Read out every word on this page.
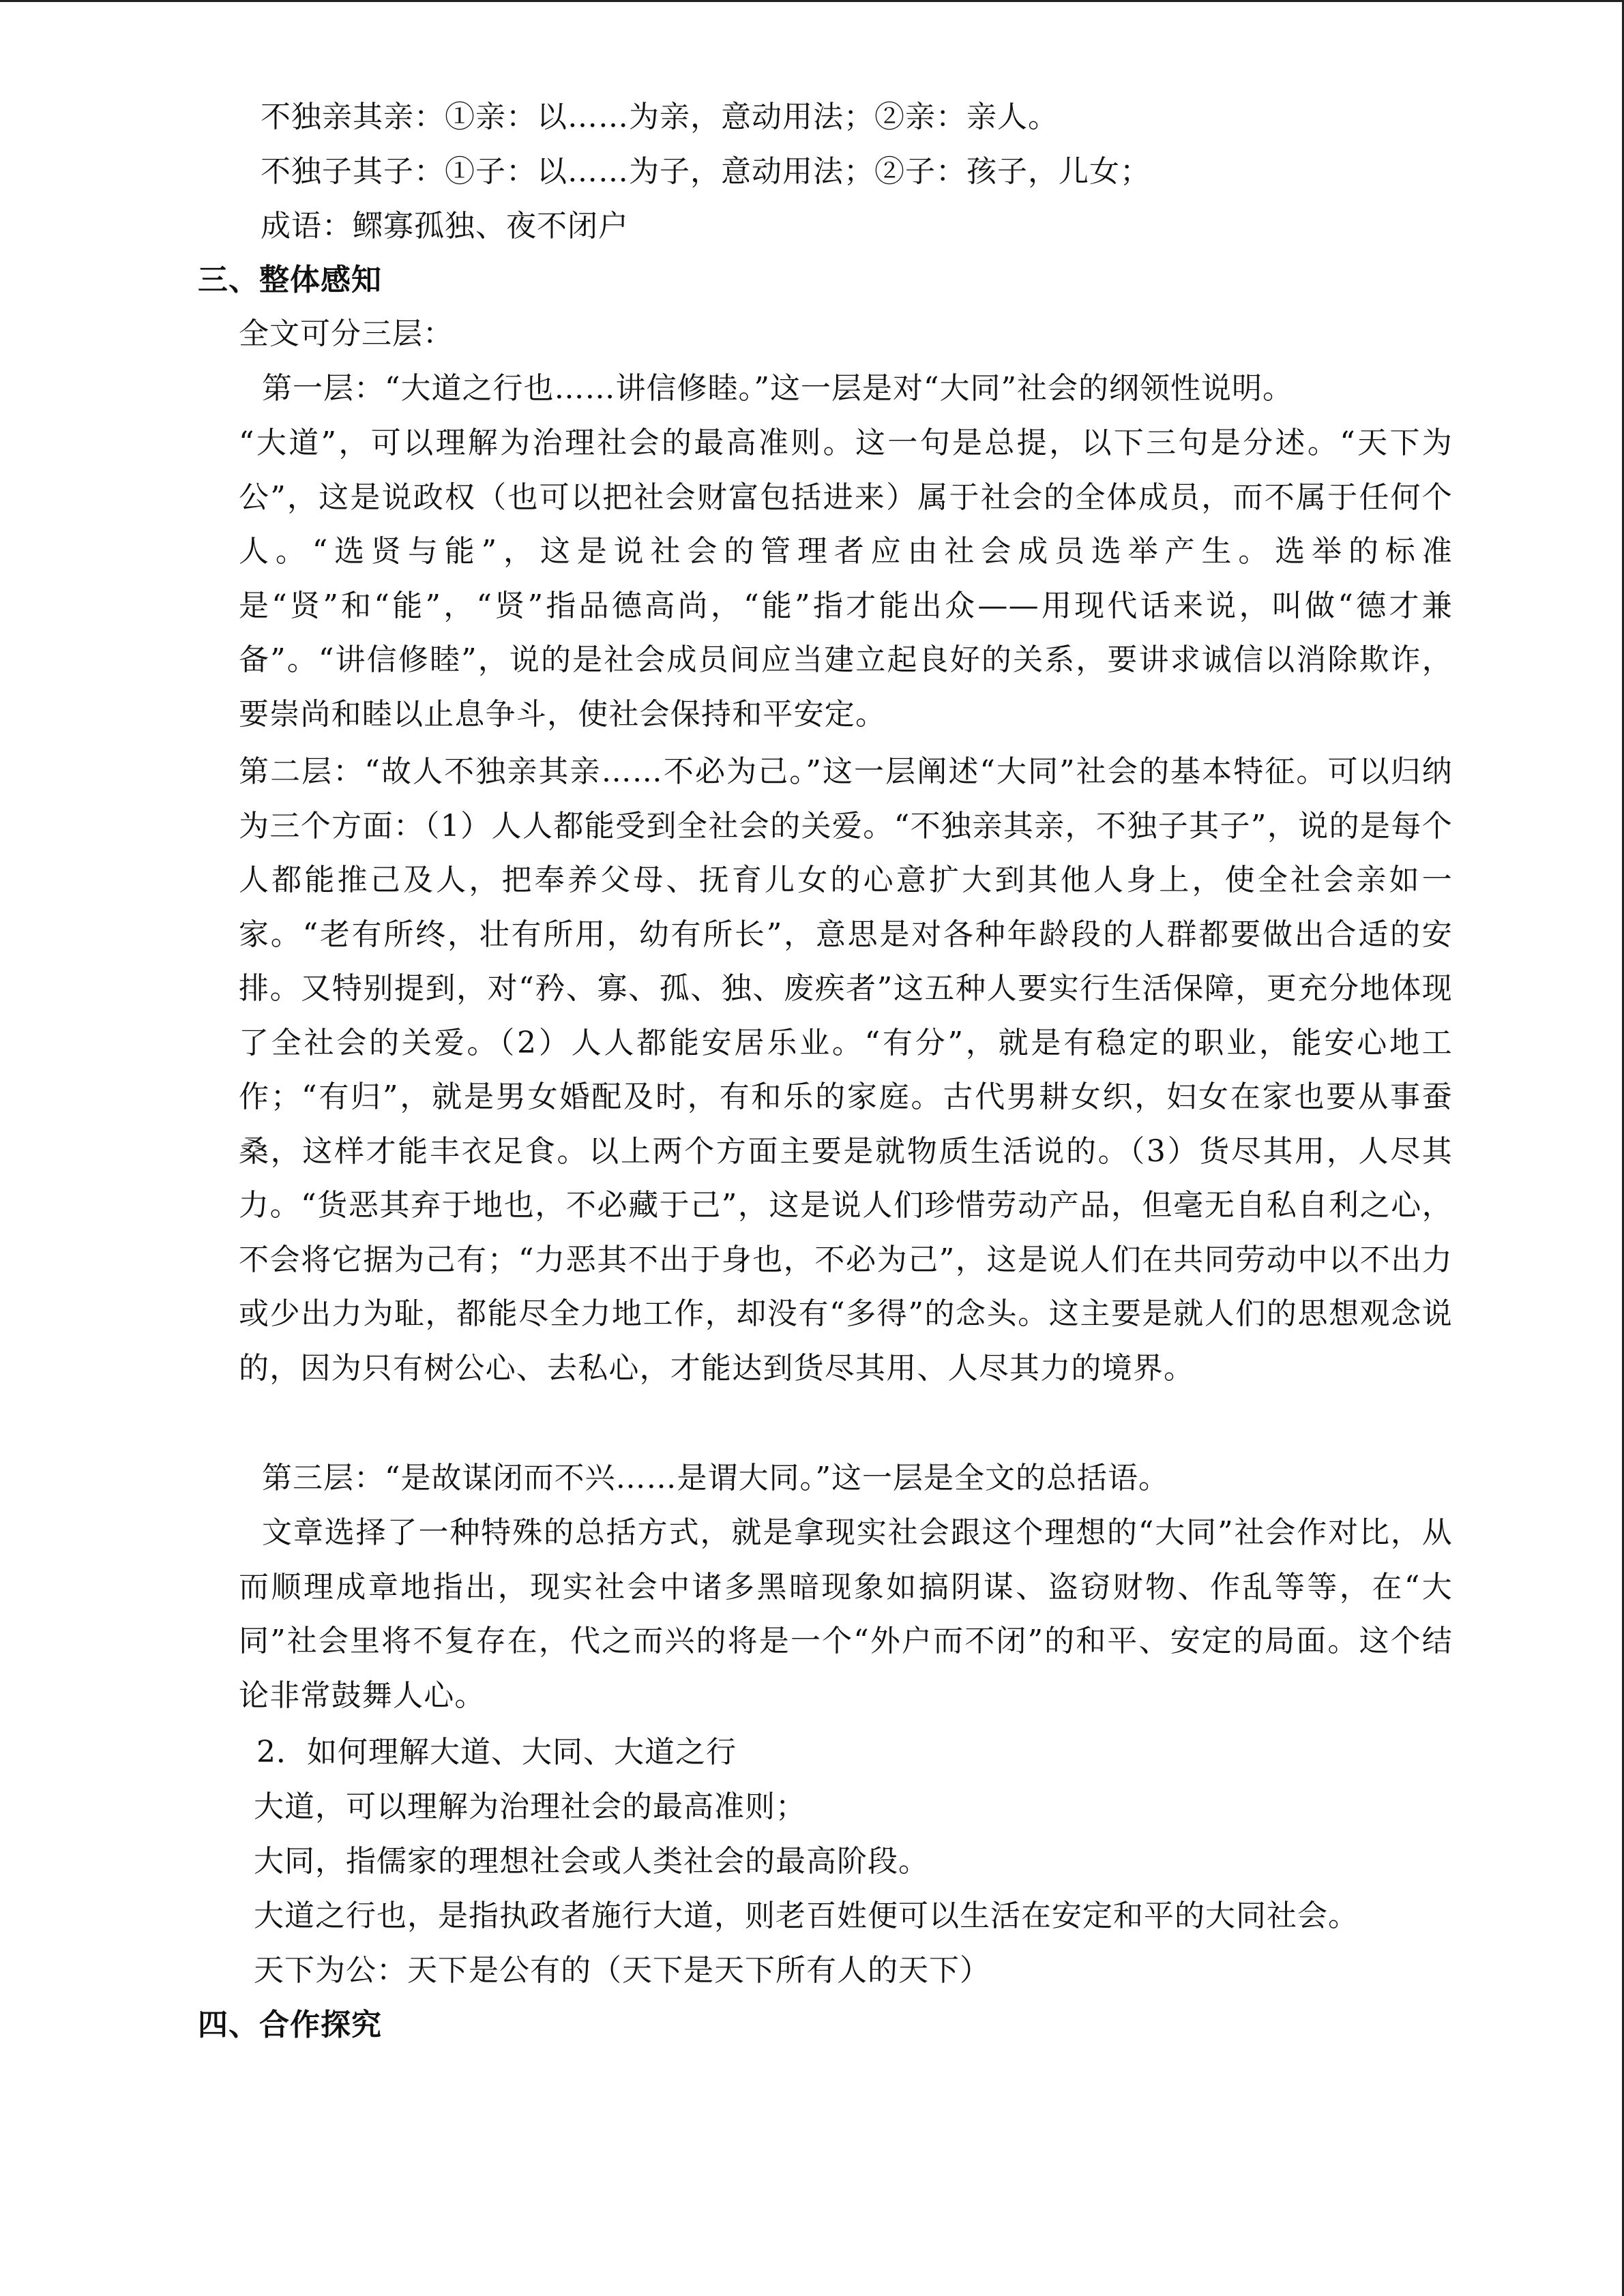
不独亲其亲：①亲：以……为亲，意动用法；②亲：亲人。
不独子其子：①子：以……为子，意动用法；②子：孩子，儿女；
成语：鳏寡孤独、夜不闭户
三、整体感知
全文可分三层：
第一层：“大道之行也……讲信修睦。”这一层是对“大同”社会的纲领性说明。
“大道”，可以理解为治理社会的最高准则。这一句是总提，以下三句是分述。“天下为公”，这是说政权（也可以把社会财富包括进来）属于社会的全体成员，而不属于任何个人。“选贤与能”，这是说社会的管理者应由社会成员选举产生。选举的标准是“贤”和“能”，“贤”指品德高尚，“能”指才能出众——用现代话来说，叫做“德才兼备”。“讲信修睦”，说的是社会成员间应当建立起良好的关系，要讲求诚信以消除欺诈，要崇尚和睦以止息争斗，使社会保持和平安定。
第二层：“故人不独亲其亲……不必为己。”这一层阐述“大同”社会的基本特征。可以归纳为三个方面：（1）人人都能受到全社会的关爱。“不独亲其亲，不独子其子”，说的是每个人都能推己及人，把奉养父母、抚育儿女的心意扩大到其他人身上，使全社会亲如一家。“老有所终，壮有所用，幼有所长”，意思是对各种年龄段的人群都要做出合适的安排。又特别提到，对“矜、寡、孤、独、废疾者”这五种人要实行生活保障，更充分地体现了全社会的关爱。（2）人人都能安居乐业。“有分”，就是有稳定的职业，能安心地工作；“有归”，就是男女婚配及时，有和乐的家庭。古代男耕女织，妇女在家也要从事蚕桑，这样才能丰衣足食。以上两个方面主要是就物质生活说的。（3）货尽其用，人尽其力。“货恶其弃于地也，不必藏于己”，这是说人们珍惜劳动产品，但毫无自私自利之心，不会将它据为己有；“力恶其不出于身也，不必为己”，这是说人们在共同劳动中以不出力或少出力为耻，都能尽全力地工作，却没有“多得”的念头。这主要是就人们的思想观念说的，因为只有树公心、去私心，才能达到货尽其用、人尽其力的境界。
第三层：“是故谋闭而不兴……是谓大同。”这一层是全文的总括语。
文章选择了一种特殊的总括方式，就是拿现实社会跟这个理想的“大同”社会作对比，从而顺理成章地指出，现实社会中诸多黑暗现象如搞阴谋、盗窃财物、作乱等等，在“大同”社会里将不复存在，代之而兴的将是一个“外户而不闭”的和平、安定的局面。这个结论非常鼓舞人心。
2．如何理解大道、大同、大道之行
大道，可以理解为治理社会的最高准则；
大同，指儒家的理想社会或人类社会的最高阶段。
大道之行也，是指执政者施行大道，则老百姓便可以生活在安定和平的大同社会。
天下为公：天下是公有的（天下是天下所有人的天下）
四、合作探究
